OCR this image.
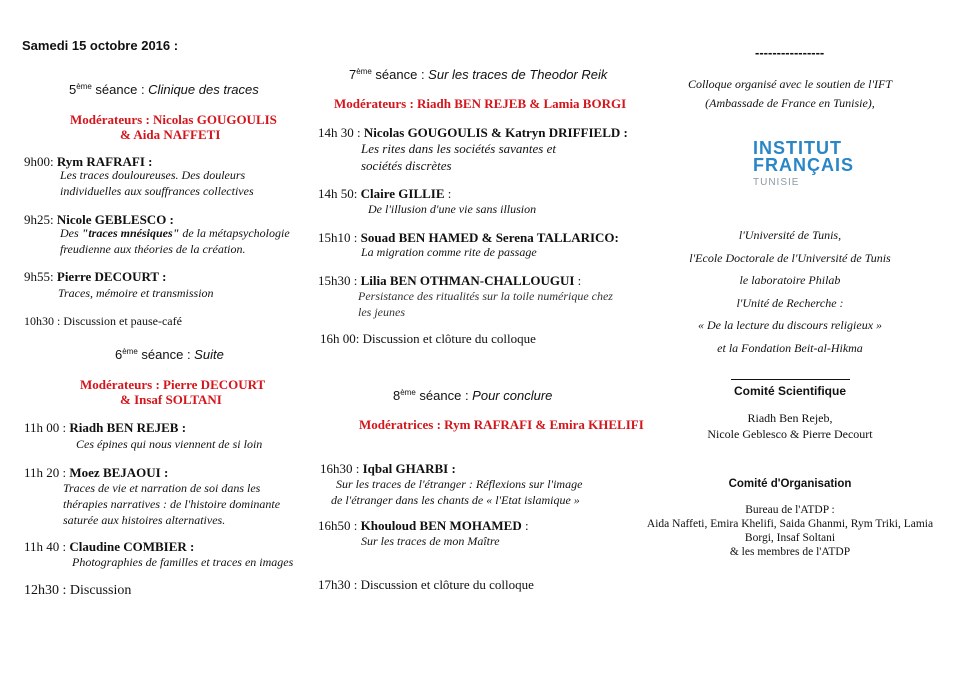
Samedi 15 octobre 2016 :
5ème séance : Clinique des traces
Modérateurs : Nicolas GOUGOULIS
& Aida NAFFETI
9h00: Rym RAFRAFI :
Les traces douloureuses. Des douleurs
individuelles aux souffrances collectives
9h25: Nicole GEBLESCO :
Des "traces mnésiques" de la métapsychologie
freudienne aux théories de la création.
9h55: Pierre DECOURT :
Traces, mémoire et transmission
10h30 : Discussion et pause-café
6ème séance : Suite
Modérateurs : Pierre DECOURT
& Insaf SOLTANI
11h 00 : Riadh BEN REJEB :
Ces épines qui nous viennent de si loin
11h 20 : Moez BEJAOUI :
Traces de vie et narration de soi dans les
thérapies narratives : de l'histoire dominante
saturée aux histoires alternatives.
11h 40 : Claudine COMBIER :
Photographies de familles et traces en images
12h30 : Discussion
7ème séance : Sur les traces de Theodor Reik
Modérateurs : Riadh BEN REJEB & Lamia BORGI
14h 30 : Nicolas GOUGOULIS & Katryn DRIFFIELD :
Les rites dans les sociétés savantes et
sociétés discrètes
14h 50: Claire GILLIE :
De l'illusion d'une vie sans illusion
15h10 : Souad BEN HAMED & Serena TALLARICO:
La migration comme rite de passage
15h30 : Lilia BEN OTHMAN-CHALLOUGUI :
Persistance des ritualités sur la toile numérique chez
les jeunes
16h 00: Discussion et clôture du colloque
8ème séance : Pour conclure
Modératrices : Rym RAFRAFI & Emira KHELIFI
16h30 : Iqbal GHARBI :
Sur les traces de l'étranger : Réflexions sur l'image
de l'étranger dans les chants de « l'Etat islamique »
16h50 : Khouloud BEN MOHAMED :
Sur les traces de mon Maître
17h30 : Discussion et clôture du colloque
----------------
Colloque organisé avec le soutien de l'IFT
(Ambassade de France en Tunisie),
INSTITUT
FRANÇAIS
TUNISIE
l'Université de Tunis,
l'Ecole Doctorale de l'Université de Tunis
le laboratoire Philab
l'Unité de Recherche :
« De la lecture du discours religieux »
et la Fondation Beit-al-Hikma
Comité Scientifique
Riadh Ben Rejeb,
Nicole Geblesco & Pierre Decourt
Comité d'Organisation
Bureau de l'ATDP :
Aida Naffeti, Emira Khelifi, Saida Ghanmi, Rym Triki, Lamia
Borgi, Insaf Soltani
& les membres de l'ATDP
